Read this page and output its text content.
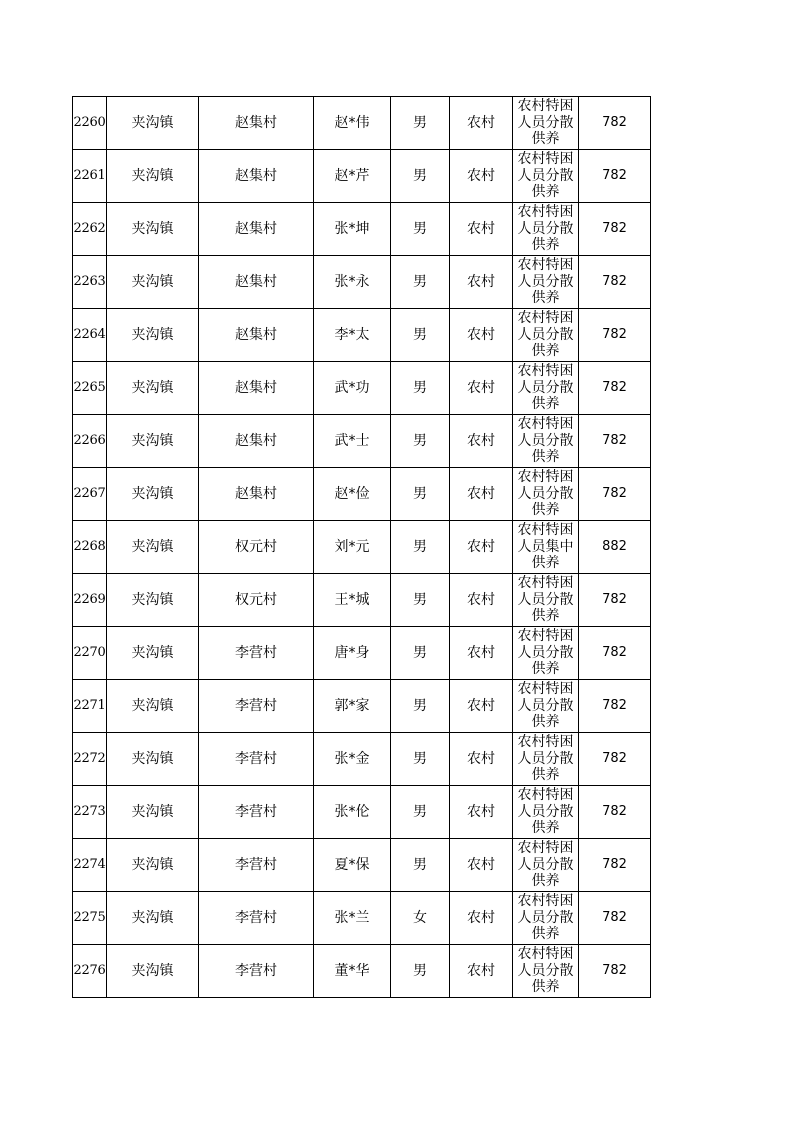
2260	夹沟镇	赵集村	赵*伟	男	农村	农村特困人员分散供养	782
2261	夹沟镇	赵集村	赵*芹	男	农村	农村特困人员分散供养	782
2262	夹沟镇	赵集村	张*坤	男	农村	农村特困人员分散供养	782
2263	夹沟镇	赵集村	张*永	男	农村	农村特困人员分散供养	782
2264	夹沟镇	赵集村	李*太	男	农村	农村特困人员分散供养	782
2265	夹沟镇	赵集村	武*功	男	农村	农村特困人员分散供养	782
2266	夹沟镇	赵集村	武*士	男	农村	农村特困人员分散供养	782
2267	夹沟镇	赵集村	赵*俭	男	农村	农村特困人员分散供养	782
2268	夹沟镇	权元村	刘*元	男	农村	农村特困人员集中供养	882
2269	夹沟镇	权元村	王*城	男	农村	农村特困人员分散供养	782
2270	夹沟镇	李营村	唐*身	男	农村	农村特困人员分散供养	782
2271	夹沟镇	李营村	郭*家	男	农村	农村特困人员分散供养	782
2272	夹沟镇	李营村	张*金	男	农村	农村特困人员分散供养	782
2273	夹沟镇	李营村	张*伦	男	农村	农村特困人员分散供养	782
2274	夹沟镇	李营村	夏*保	男	农村	农村特困人员分散供养	782
2275	夹沟镇	李营村	张*兰	女	农村	农村特困人员分散供养	782
2276	夹沟镇	李营村	董*华	男	农村	农村特困人员分散供养	782
